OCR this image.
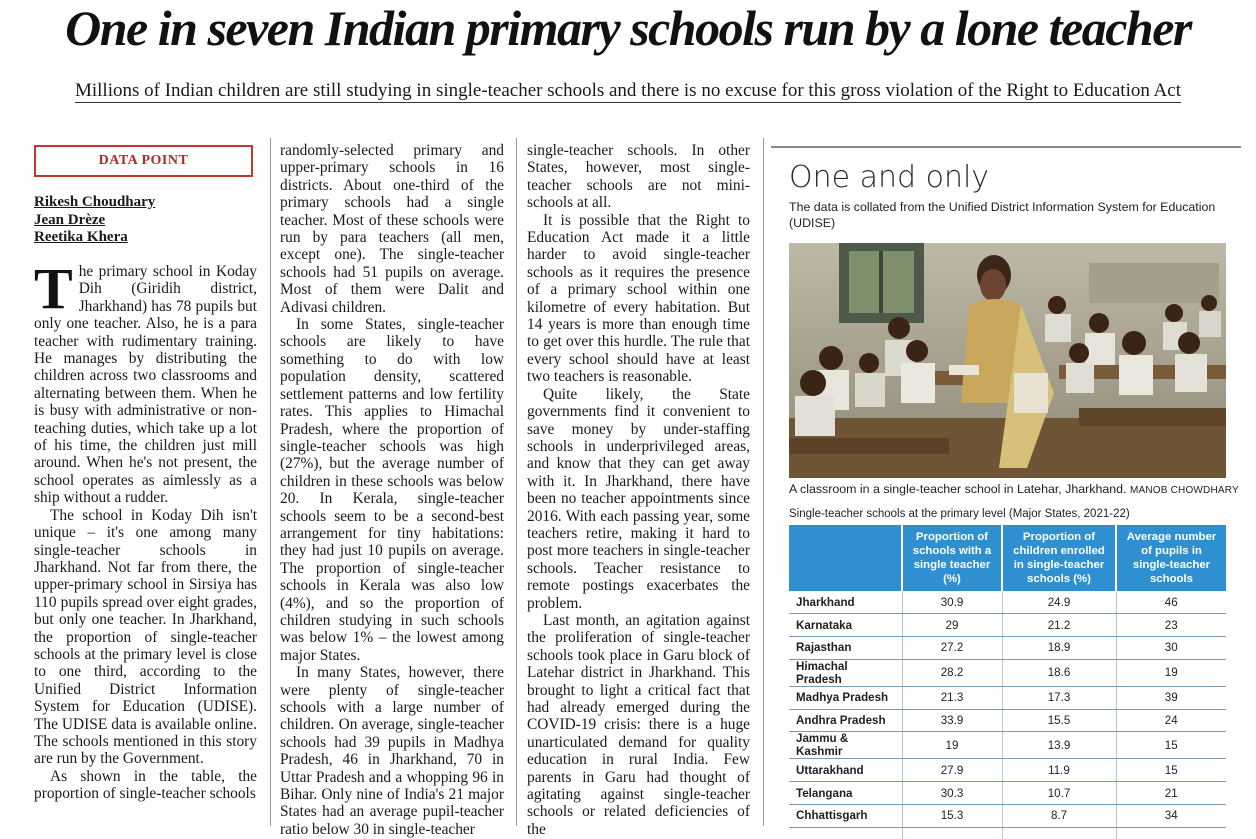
One in seven Indian primary schools run by a lone teacher
Millions of Indian children are still studying in single-teacher schools and there is no excuse for this gross violation of the Right to Education Act
DATA POINT
Rikesh Choudhary
Jean Drèze
Reetika Khera

The primary school in Koday Dih (Giridih district, Jharkhand) has 78 pupils but only one teacher. Also, he is a para teacher with rudimentary training. He manages by distributing the children across two classrooms and alternating between them. When he is busy with administrative or non-teaching duties, which take up a lot of his time, the children just mill around. When he's not present, the school operates as aimlessly as a ship without a rudder.

The school in Koday Dih isn't unique – it's one among many single-teacher schools in Jharkhand. Not far from there, the upper-primary school in Sirsiya has 110 pupils spread over eight grades, but only one teacher. In Jharkhand, the proportion of single-teacher schools at the primary level is close to one third, according to the Unified District Information System for Education (UDISE). The UDISE data is available online. The schools mentioned in this story are run by the Government.

As shown in the table, the proportion of single-teacher schools

randomly-selected primary and upper-primary schools in 16 districts. About one-third of the primary schools had a single teacher. Most of these schools were run by para teachers (all men, except one). The single-teacher schools had 51 pupils on average. Most of them were Dalit and Adivasi children.

In some States, single-teacher schools are likely to have something to do with low population density, scattered settlement patterns and low fertility rates. This applies to Himachal Pradesh, where the proportion of single-teacher schools was high (27%), but the average number of children in these schools was below 20. In Kerala, single-teacher schools seem to be a second-best arrangement for tiny habitations: they had just 10 pupils on average. The proportion of single-teacher schools in Kerala was also low (4%), and so the proportion of children studying in such schools was below 1% – the lowest among major States.

In many States, however, there were plenty of single-teacher schools with a large number of children. On average, single-teacher schools had 39 pupils in Madhya Pradesh, 46 in Jharkhand, 70 in Uttar Pradesh and a whopping 96 in Bihar. Only nine of India's 21 major States had an average pupil-teacher ratio below 30 in single-teacher

single-teacher schools. In other States, however, most single-teacher schools are not mini-schools at all.

It is possible that the Right to Education Act made it a little harder to avoid single-teacher schools as it requires the presence of a primary school within one kilometre of every habitation. But 14 years is more than enough time to get over this hurdle. The rule that every school should have at least two teachers is reasonable.

Quite likely, the State governments find it convenient to save money by under-staffing schools in underprivileged areas, and know that they can get away with it. In Jharkhand, there have been no teacher appointments since 2016. With each passing year, some teachers retire, making it hard to post more teachers in single-teacher schools. Teacher resistance to remote postings exacerbates the problem.

Last month, an agitation against the proliferation of single-teacher schools took place in Garu block of Latehar district in Jharkhand. This brought to light a critical fact that had already emerged during the COVID-19 crisis: there is a huge unarticulated demand for quality education in rural India. Few parents in Garu had thought of agitating against single-teacher schools or related deficiencies of the

One and only
The data is collated from the Unified District Information System for Education (UDISE)
A classroom in a single-teacher school in Latehar, Jharkhand. MANOB CHOWDHARY
Single-teacher schools at the primary level (Major States, 2021-22)
	Proportion of schools with a single teacher (%)	Proportion of children enrolled in single-teacher schools (%)	Average number of pupils in single-teacher schools
Jharkhand	30.9	24.9	46
Karnataka	29	21.2	23
Rajasthan	27.2	18.9	30
Himachal Pradesh	28.2	18.6	19
Madhya Pradesh	21.3	17.3	39
Andhra Pradesh	33.9	15.5	24
Jammu & Kashmir	19	13.9	15
Uttarakhand	27.9	11.9	15
Telangana	30.3	10.7	21
Chhattisgarh	15.3	8.7	34
